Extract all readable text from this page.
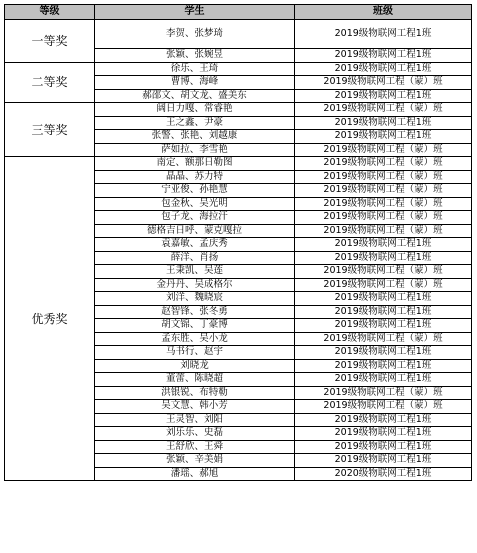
等级	学生	班级
一等奖	李贺、张梦琦	2019级物联网工程1班
	张颖、张婉昱	2019级物联网工程1班
二等奖	徐乐、王琦	2019级物联网工程1班
	曹博、海峰	2019级物联网工程（蒙）班
	郝邵文、胡文龙、盛美东	2019级物联网工程1班
三等奖	阔日力嘎、常睿艳	2019级物联网工程（蒙）班
	王之鑫、尹豪	2019级物联网工程1班
	张警、张艳、刘越康	2019级物联网工程1班
	萨如拉、李雪艳	2019级物联网工程（蒙）班
优秀奖	南定、额那日勒图	2019级物联网工程（蒙）班
	晶晶、苏力特	2019级物联网工程（蒙）班
	宁亚俊、孙艳慧	2019级物联网工程（蒙）班
	包金秋、吴光明	2019级物联网工程（蒙）班
	包子龙、海拉汗	2019级物联网工程（蒙）班
	德格吉日呼、蒙克嘎拉	2019级物联网工程（蒙）班
	袁嘉敏、孟庆秀	2019级物联网工程1班
	薛洋、肖扬	2019级物联网工程1班
	王秉凯、吴莲	2019级物联网工程（蒙）班
	金丹丹、吴成格尔	2019级物联网工程（蒙）班
	刘洋、魏晓宸	2019级物联网工程1班
	赵智锋、张冬勇	2019级物联网工程1班
	胡文锦、丁豪博	2019级物联网工程1班
	孟东胜、吴小龙	2019级物联网工程（蒙）班
	马书行、赵宇	2019级物联网工程1班
	刘晓龙	2019级物联网工程1班
	董蕾、陈晓超	2019级物联网工程1班
	洪银锐、布特勒	2019级物联网工程（蒙）班
	吴文慧、韩小芳	2019级物联网工程（蒙）班
	王灵智、刘阳	2019级物联网工程1班
	刘乐乐、史磊	2019级物联网工程1班
	王舒欣、王舜	2019级物联网工程1班
	张颖、辛美娟	2019级物联网工程1班
	潘瑶、郝旭	2020级物联网工程1班
